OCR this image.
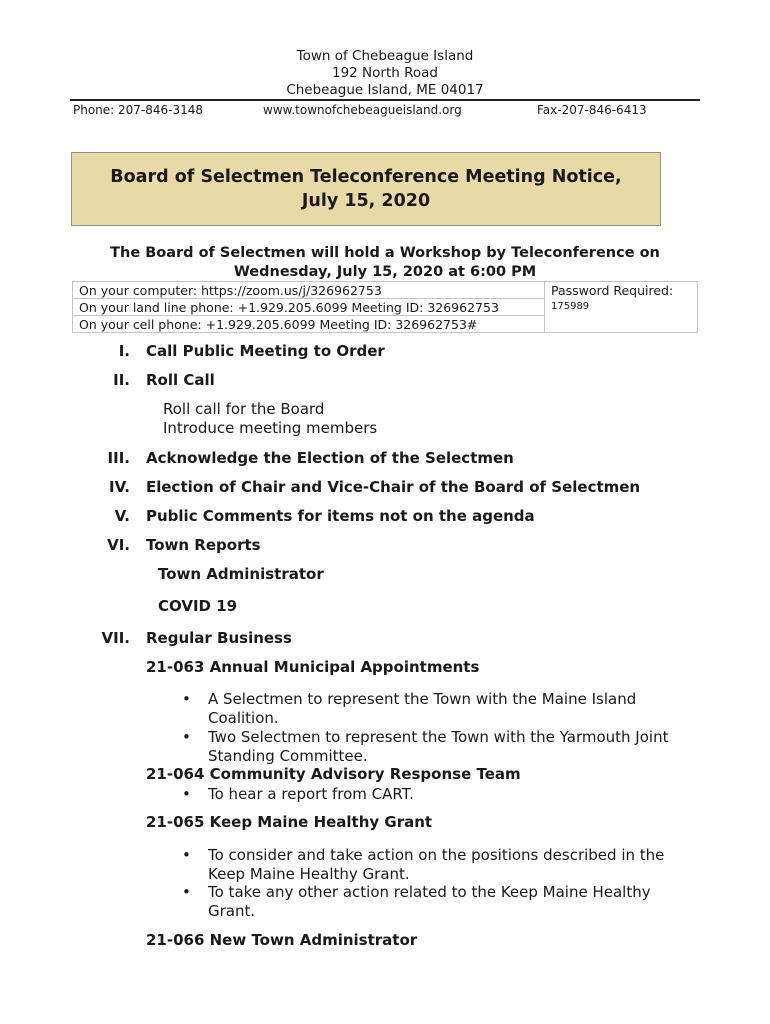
Town of Chebeague Island
192 North Road
Chebeague Island, ME 04017
Phone: 207-846-3148	www.townofchebeagueisland.org	Fax-207-846-6413
Board of Selectmen Teleconference Meeting Notice,
July 15, 2020
The Board of Selectmen will hold a Workshop by Teleconference on
Wednesday, July 15, 2020 at 6:00 PM
On your computer: https://zoom.us/j/326962753	Password Required:
175989

On your land line phone: +1.929.205.6099 Meeting ID: 326962753
On your cell phone: +1.929.205.6099 Meeting ID: 326962753#
I. Call Public Meeting to Order
II. Roll Call
Roll call for the Board
Introduce meeting members
III. Acknowledge the Election of the Selectmen
IV. Election of Chair and Vice-Chair of the Board of Selectmen
V. Public Comments for items not on the agenda
VI. Town Reports
Town Administrator
COVID 19
VII. Regular Business
21-063 Annual Municipal Appointments
• A Selectmen to represent the Town with the Maine Island Coalition.
• Two Selectmen to represent the Town with the Yarmouth Joint Standing Committee.
21-064 Community Advisory Response Team
• To hear a report from CART.
21-065 Keep Maine Healthy Grant
• To consider and take action on the positions described in the Keep Maine Healthy Grant.
• To take any other action related to the Keep Maine Healthy Grant.
21-066 New Town Administrator
